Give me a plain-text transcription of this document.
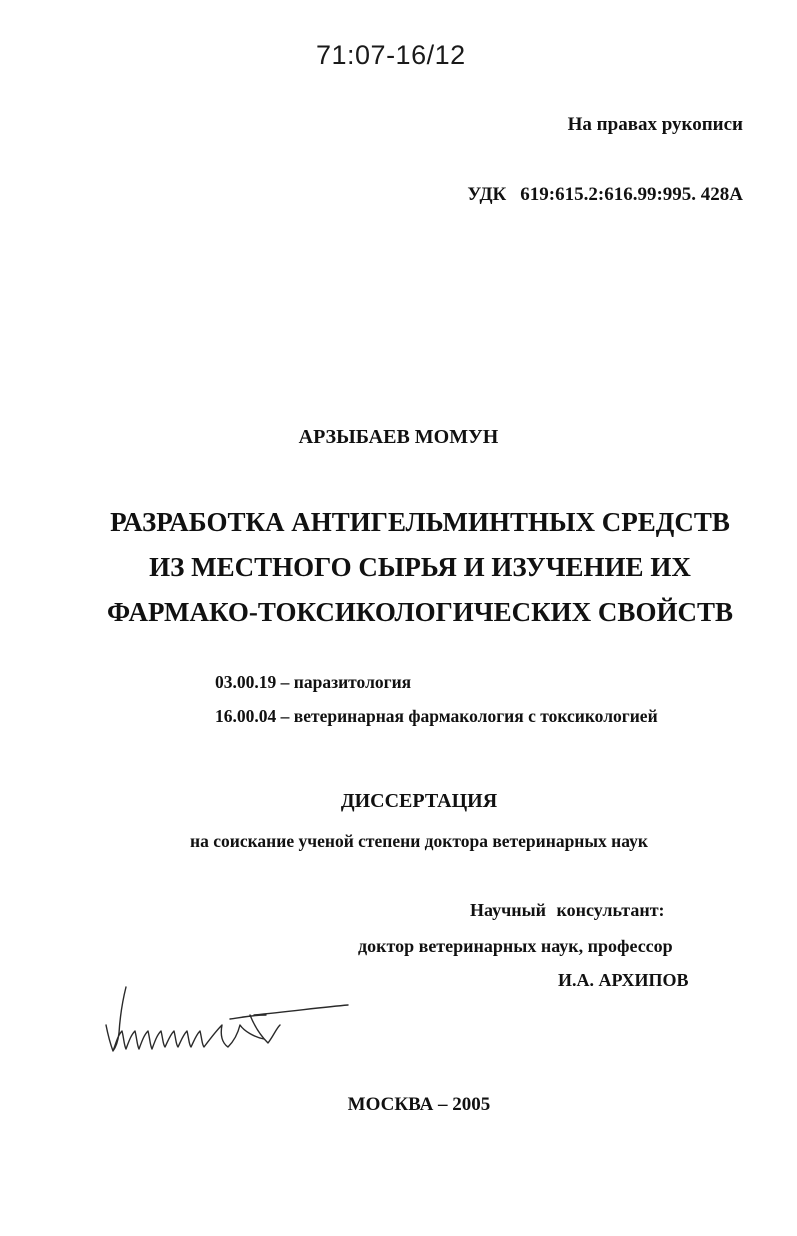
71:07-16/12
На правах рукописи
УДК 619:615.2:616.99:995. 428А
АРЗЫБАЕВ МОМУН
РАЗРАБОТКА АНТИГЕЛЬМИНТНЫХ СРЕДСТВ
ИЗ МЕСТНОГО СЫРЬЯ И ИЗУЧЕНИЕ ИХ
ФАРМАКО-ТОКСИКОЛОГИЧЕСКИХ СВОЙСТВ
03.00.19 – паразитология
16.00.04 – ветеринарная фармакология с токсикологией
ДИССЕРТАЦИЯ
на соискание ученой степени доктора ветеринарных наук
Научный консультант:
доктор ветеринарных наук, профессор
И.А. АРХИПОВ
МОСКВА – 2005
